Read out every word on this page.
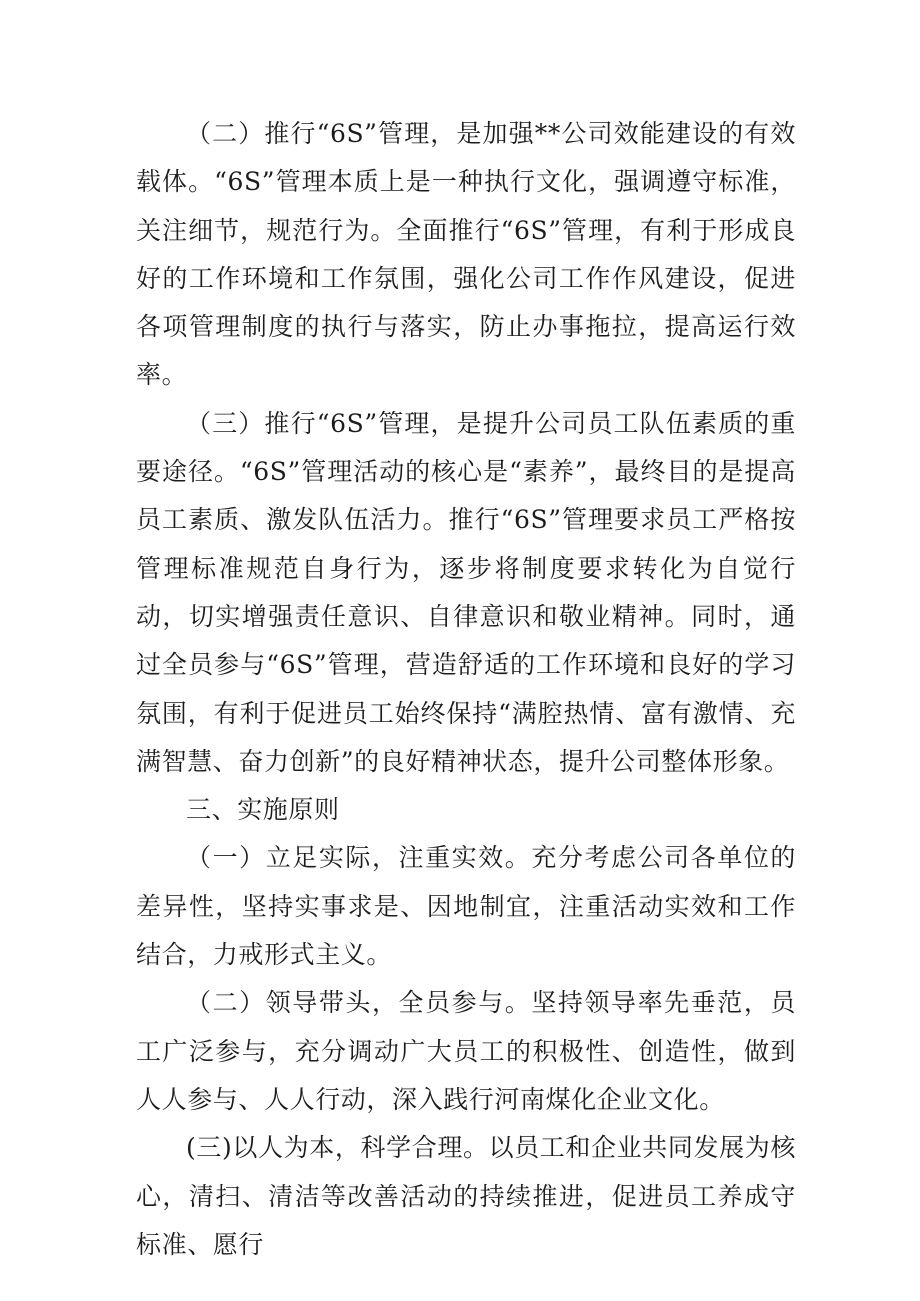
（二）推行“6S”管理，是加强**公司效能建设的有效载体。“6S”管理本质上是一种执行文化，强调遵守标准，关注细节，规范行为。全面推行“6S”管理，有利于形成良好的工作环境和工作氛围，强化公司工作作风建设，促进各项管理制度的执行与落实，防止办事拖拉，提高运行效率。

（三）推行“6S”管理，是提升公司员工队伍素质的重要途径。“6S”管理活动的核心是“素养”，最终目的是提高员工素质、激发队伍活力。推行“6S”管理要求员工严格按管理标准规范自身行为，逐步将制度要求转化为自觉行动，切实增强责任意识、自律意识和敬业精神。同时，通过全员参与“6S”管理，营造舒适的工作环境和良好的学习氛围，有利于促进员工始终保持“满腔热情、富有激情、充满智慧、奋力创新”的良好精神状态，提升公司整体形象。

三、实施原则

（一）立足实际，注重实效。充分考虑公司各单位的差异性，坚持实事求是、因地制宜，注重活动实效和工作结合，力戒形式主义。

（二）领导带头，全员参与。坚持领导率先垂范，员工广泛参与，充分调动广大员工的积极性、创造性，做到人人参与、人人行动，深入践行河南煤化企业文化。

(三)以人为本，科学合理。以员工和企业共同发展为核心，清扫、清洁等改善活动的持续推进，促进员工养成守标准、愿行
